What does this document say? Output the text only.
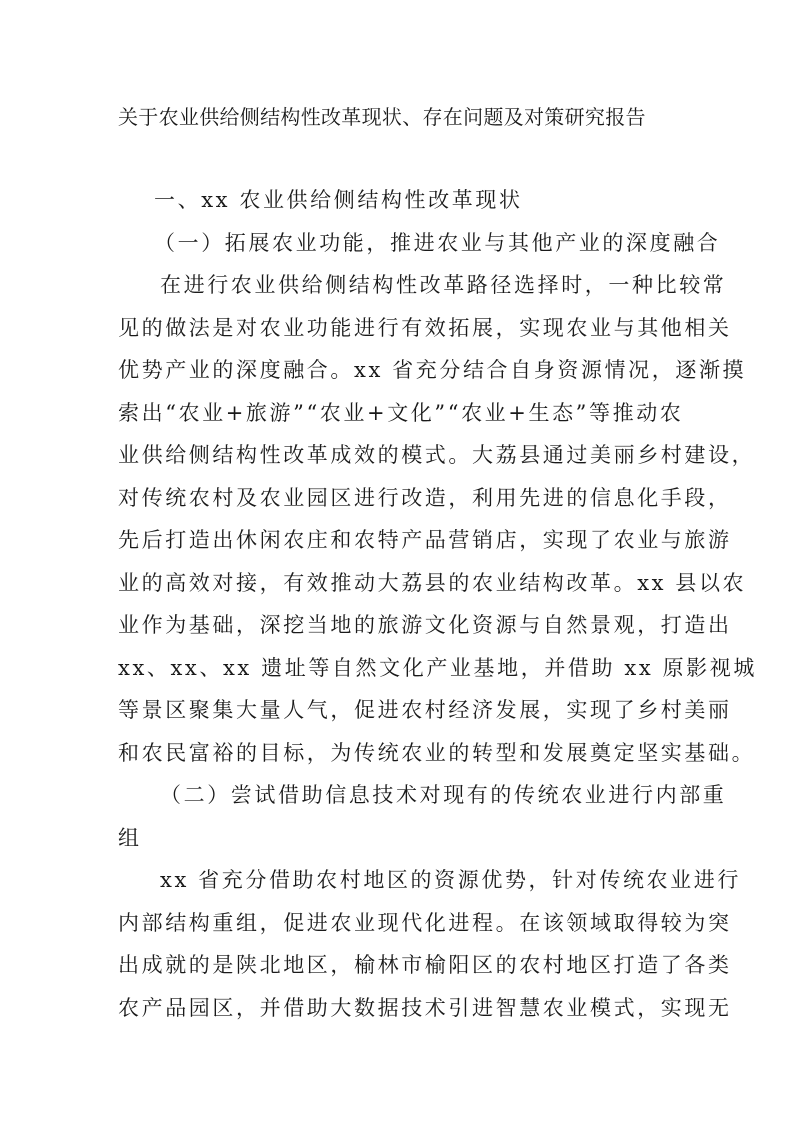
关于农业供给侧结构性改革现状、存在问题及对策研究报告
一、xx 农业供给侧结构性改革现状
（一）拓展农业功能，推进农业与其他产业的深度融合
在进行农业供给侧结构性改革路径选择时，一种比较常
见的做法是对农业功能进行有效拓展，实现农业与其他相关
优势产业的深度融合。xx 省充分结合自身资源情况，逐渐摸
索出“农业+旅游”“农业+文化”“农业+生态”等推动农
业供给侧结构性改革成效的模式。大荔县通过美丽乡村建设，
对传统农村及农业园区进行改造，利用先进的信息化手段，
先后打造出休闲农庄和农特产品营销店，实现了农业与旅游
业的高效对接，有效推动大荔县的农业结构改革。xx 县以农
业作为基础，深挖当地的旅游文化资源与自然景观，打造出
xx、xx、xx 遗址等自然文化产业基地，并借助 xx 原影视城
等景区聚集大量人气，促进农村经济发展，实现了乡村美丽
和农民富裕的目标，为传统农业的转型和发展奠定坚实基础。
（二）尝试借助信息技术对现有的传统农业进行内部重
组
xx 省充分借助农村地区的资源优势，针对传统农业进行
内部结构重组，促进农业现代化进程。在该领域取得较为突
出成就的是陕北地区，榆林市榆阳区的农村地区打造了各类
农产品园区，并借助大数据技术引进智慧农业模式，实现无
